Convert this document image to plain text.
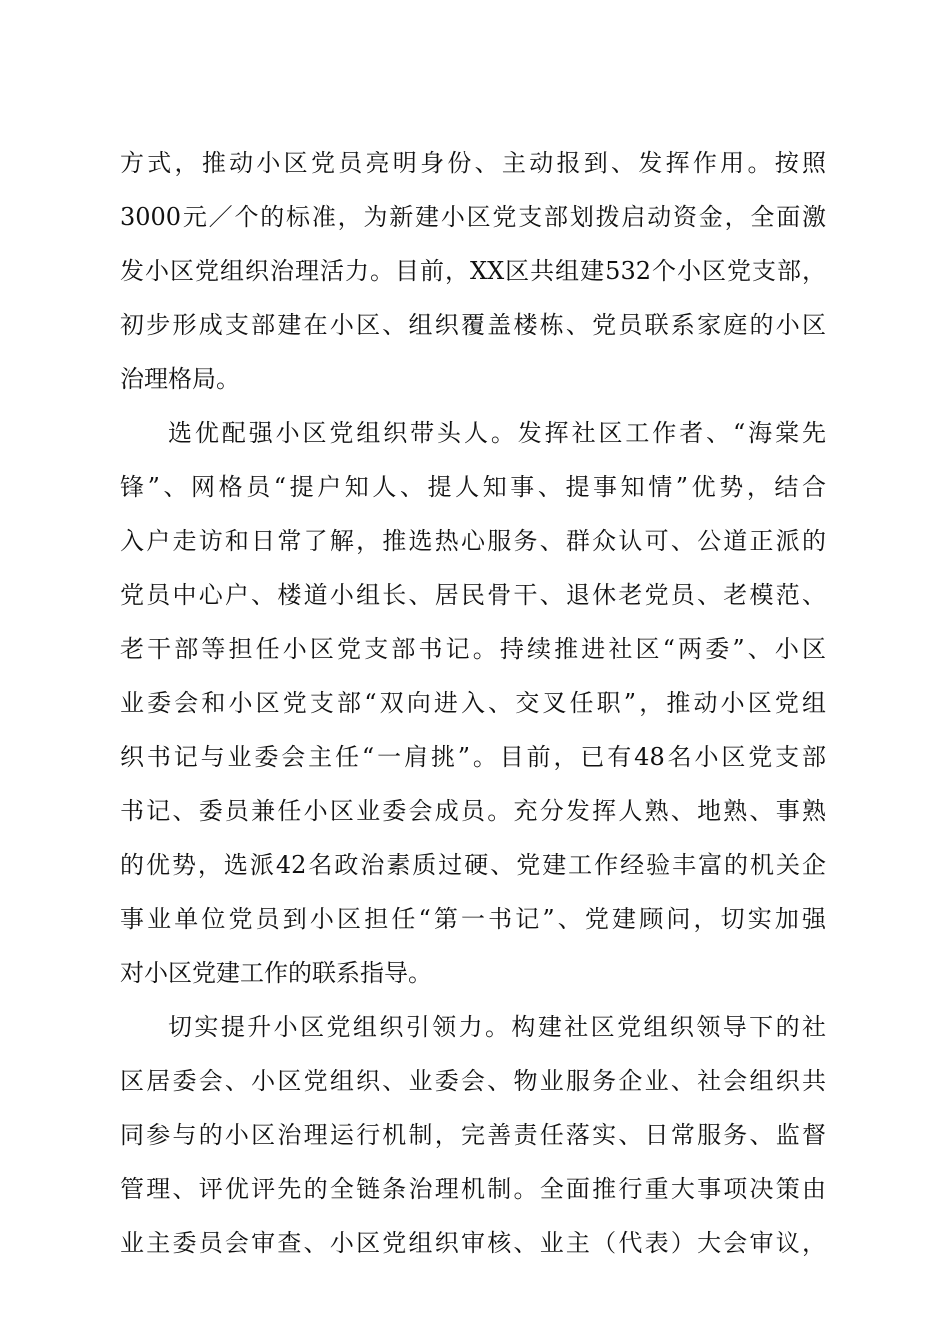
方式，推动小区党员亮明身份、主动报到、发挥作用。按照
3000元／个的标准，为新建小区党支部划拨启动资金，全面激
发小区党组织治理活力。目前，XX区共组建532个小区党支部，
初步形成支部建在小区、组织覆盖楼栋、党员联系家庭的小区
治理格局。
选优配强小区党组织带头人。发挥社区工作者、“海棠先
锋”、网格员“提户知人、提人知事、提事知情”优势，结合
入户走访和日常了解，推选热心服务、群众认可、公道正派的
党员中心户、楼道小组长、居民骨干、退休老党员、老模范、
老干部等担任小区党支部书记。持续推进社区“两委”、小区
业委会和小区党支部“双向进入、交叉任职”，推动小区党组
织书记与业委会主任“一肩挑”。目前，已有48名小区党支部
书记、委员兼任小区业委会成员。充分发挥人熟、地熟、事熟
的优势，选派42名政治素质过硬、党建工作经验丰富的机关企
事业单位党员到小区担任“第一书记”、党建顾问，切实加强
对小区党建工作的联系指导。
切实提升小区党组织引领力。构建社区党组织领导下的社
区居委会、小区党组织、业委会、物业服务企业、社会组织共
同参与的小区治理运行机制，完善责任落实、日常服务、监督
管理、评优评先的全链条治理机制。全面推行重大事项决策由
业主委员会审查、小区党组织审核、业主（代表）大会审议，
